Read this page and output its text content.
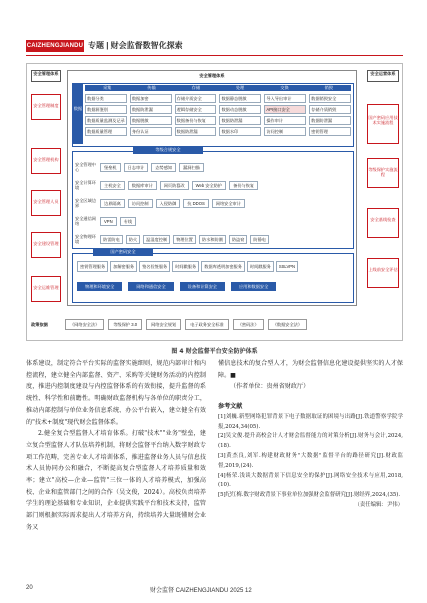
CAIZHENGJIANDU 专题 | 财会监督数智化探索
安全管理体系
安全管理制度
安全管理机构
安全管理人员
安全建设管理
安全运维管理
安全管理体系
数据
采集	传输	存储	处理	交换	销毁
数据分类	数据加密	存储介质安全	数据静态脱敏	导入导出审计	数据销毁安全
数据源鉴别	数据防泄漏	逻辑存储安全	数据动态脱敏	API接口安全	存储介质销毁
数据质量监测及记录	数据脱敏	数据备份与恢复	数据防泄漏	操作审计	数据防泄漏
数据质量管理	身份认证	数据防泄漏	数据水印	访问控制	密钥管理
等级合规安全
安全管理中心	堡垒机	日志审计	态势感知	漏洞扫描
安全计算环境	主机安全	数据库审计	网页防篡改	Web 安全防护	备份与恢复
安全区域边界	边界隔离	访问控制	入侵防御	抗 DDOS	网络安全审计
安全通信网络	VPN	专线
安全物理环境	防雷防电	防火	温湿度控制	物理位置	防水和防潮	防盗窃	防静电
国产密码安全
密钥管理服务	加解密服务	签名验签服务	时间戳服务	数据库透明加密服务	时间戳服务	SSLVPN
物理和环境安全	网络和通信安全	设备和计算安全	应用和数据安全
安全运营体系
国产密码应用技术实施流程
等级保护实施流程
安全基线检查
上线前安全评估
政策依据	《网络安全法》	等级保护 3.0	网络安全规划	电子政务安全标准	《密码法》	《数据安全法》
图 4 财会监督平台安全防护体系

体系建设，制定符合平台实际的监督实施细则，规范内部审计和内控流程，建立健全内部监督、资产、采购等关键财务活动的内控制度，推进内控制度建设与内控监督体系的有效衔接，提升监督的系统性、科学性和前瞻性。明确财政监督机构与各单位的职责分工，推动内部控制与单位业务信息系统、办公平台嵌入，建立健全有效的"技术+制度"现代财会监督体系。

2.健全复合型监督人才培育体系。打破"技术""业务"壁垒，建立复合型监督人才队伍培养机制，将财会监督平台纳入数字财政专项工作范畴，完善专业人才培训体系，推进监督业务人员与信息技术人员协同办公和融合，不断提高复合型监督人才培养质量和效率；建立"高校—企业—监管"三位一体的人才培养模式，加强高校、企业和监管部门之间的合作（吴文俊，2024）。高校负责培养学生的理论基础和专业知识，企业提供实践平台和技术支持，监管部门则根据实际需求提出人才培养方向，持续培养大量既懂财会业务又

懂信息技术的复合型人才，为财会监督信息化建设提供坚实的人才保障。■

（作者单位：贵州省财政厅）

参考文献

[1]刘巍.新型网络犯罪背景下电子数据取证的困境与出路[J].铁道警察学院学报,2024,34(05).

[2]吴文俊.提升高校会计人才财会监督能力的对策分析[J].财务与会计,2024,(18).

[3]黄杰良,刘军.构建财政财务"大数据"监督平台的路径研究[J].财政监督,2019,(24).

[4]杨荣.浅谈大数据背景下信息安全的保护[J].网络安全技术与应用,2018,(10).

[5]纪红梅.数字财政背景下事业单位加强财会监督研究[J].财经界,2024,(35).

（责任编辑：尹伟）

20	财会监督 CAIZHENGJIANDU 2025 12
